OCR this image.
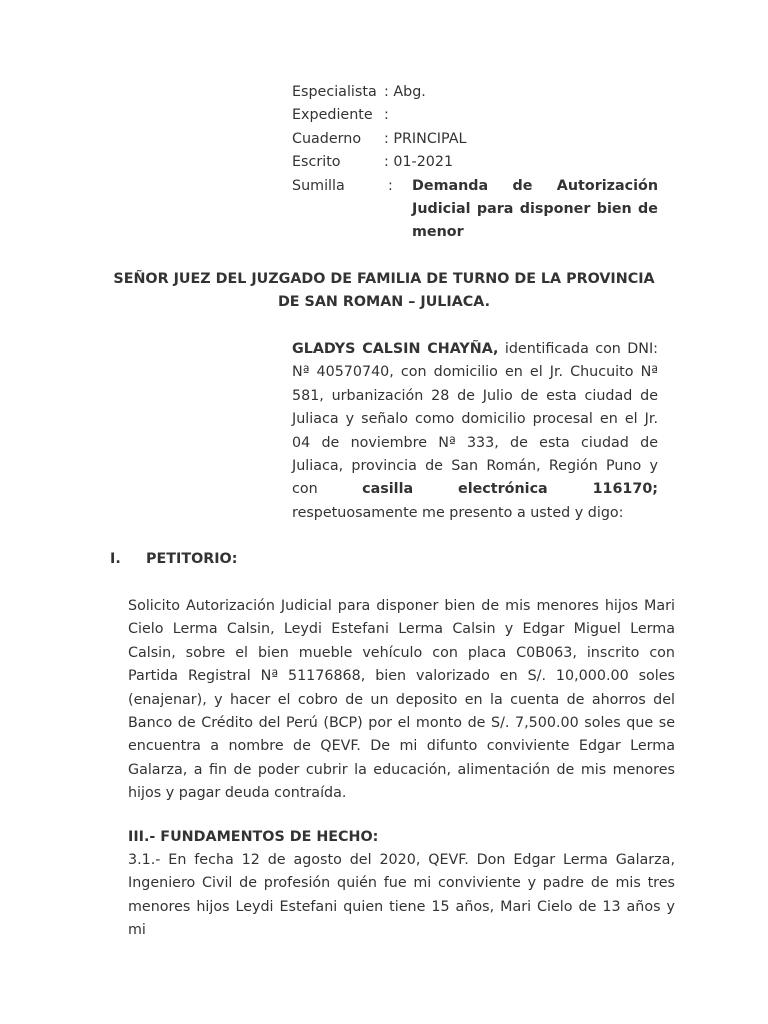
Especialista : Abg.
Expediente :
Cuaderno	: PRINCIPAL
Escrito	: 01-2021
Sumilla	:	Demanda de Autorización Judicial para disponer bien de menor
SEÑOR JUEZ DEL JUZGADO DE FAMILIA DE TURNO DE LA PROVINCIA DE SAN ROMAN – JULIACA.
GLADYS CALSIN CHAYÑA, identificada con DNI: Nª 40570740, con domicilio en el Jr. Chucuito Nª 581, urbanización 28 de Julio de esta ciudad de Juliaca y señalo como domicilio procesal en el Jr. 04 de noviembre Nª 333, de esta ciudad de Juliaca, provincia de San Román, Región Puno y con casilla electrónica 116170; respetuosamente me presento a usted y digo:
I.	PETITORIO:
Solicito Autorización Judicial para disponer bien de mis menores hijos Mari Cielo Lerma Calsin, Leydi Estefani Lerma Calsin y Edgar Miguel Lerma Calsin, sobre el bien mueble vehículo con placa C0B063, inscrito con Partida Registral Nª 51176868, bien valorizado en S/. 10,000.00 soles (enajenar), y hacer el cobro de un deposito en la cuenta de ahorros del Banco de Crédito del Perú (BCP) por el monto de S/. 7,500.00 soles que se encuentra a nombre de QEVF. De mi difunto conviviente Edgar Lerma Galarza, a fin de poder cubrir la educación, alimentación de mis menores hijos y pagar deuda contraída.
III.- FUNDAMENTOS DE HECHO:
3.1.- En fecha 12 de agosto del 2020, QEVF. Don Edgar Lerma Galarza, Ingeniero Civil de profesión quién fue mi conviviente y padre de mis tres menores hijos Leydi Estefani quien tiene 15 años, Mari Cielo de 13 años y mi
